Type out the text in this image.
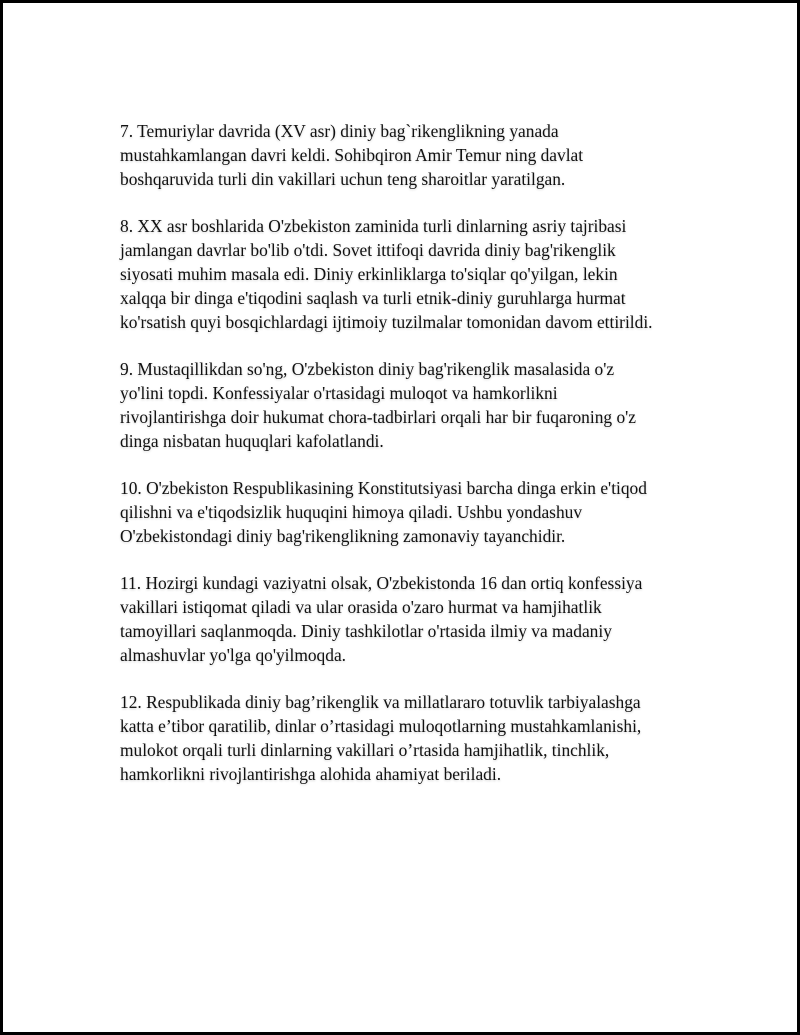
7. Temuriylar davrida (XV asr) diniy bag`rikenglikning yanada
mustahkamlangan davri keldi. Sohibqiron Amir Temur ning davlat
boshqaruvida turli din vakillari uchun teng sharoitlar yaratilgan.

8. XX asr boshlarida O'zbekiston zaminida turli dinlarning asriy tajribasi
jamlangan davrlar bo'lib o'tdi. Sovet ittifoqi davrida diniy bag'rikenglik
siyosati muhim masala edi. Diniy erkinliklarga to'siqlar qo'yilgan, lekin
xalqqa bir dinga e'tiqodini saqlash va turli etnik-diniy guruhlarga hurmat
ko'rsatish quyi bosqichlardagi ijtimoiy tuzilmalar tomonidan davom ettirildi.

9. Mustaqillikdan so'ng, O'zbekiston diniy bag'rikenglik masalasida o'z
yo'lini topdi. Konfessiyalar o'rtasidagi muloqot va hamkorlikni
rivojlantirishga doir hukumat chora-tadbirlari orqali har bir fuqaroning o'z
dinga nisbatan huquqlari kafolatlandi.

10. O'zbekiston Respublikasining Konstitutsiyasi barcha dinga erkin e'tiqod
qilishni va e'tiqodsizlik huquqini himoya qiladi. Ushbu yondashuv
O'zbekistondagi diniy bag'rikenglikning zamonaviy tayanchidir.

11. Hozirgi kundagi vaziyatni olsak, O'zbekistonda 16 dan ortiq konfessiya
vakillari istiqomat qiladi va ular orasida o'zaro hurmat va hamjihatlik
tamoyillari saqlanmoqda. Diniy tashkilotlar o'rtasida ilmiy va madaniy
almashuvlar yo'lga qo'yilmoqda.

12. Respublikada diniy bag’rikenglik va millatlararo totuvlik tarbiyalashga
katta e’tibor qaratilib, dinlar o’rtasidagi muloqotlarning mustahkamlanishi,
mulokot orqali turli dinlarning vakillari o’rtasida hamjihatlik, tinchlik,
hamkorlikni rivojlantirishga alohida ahamiyat beriladi.
